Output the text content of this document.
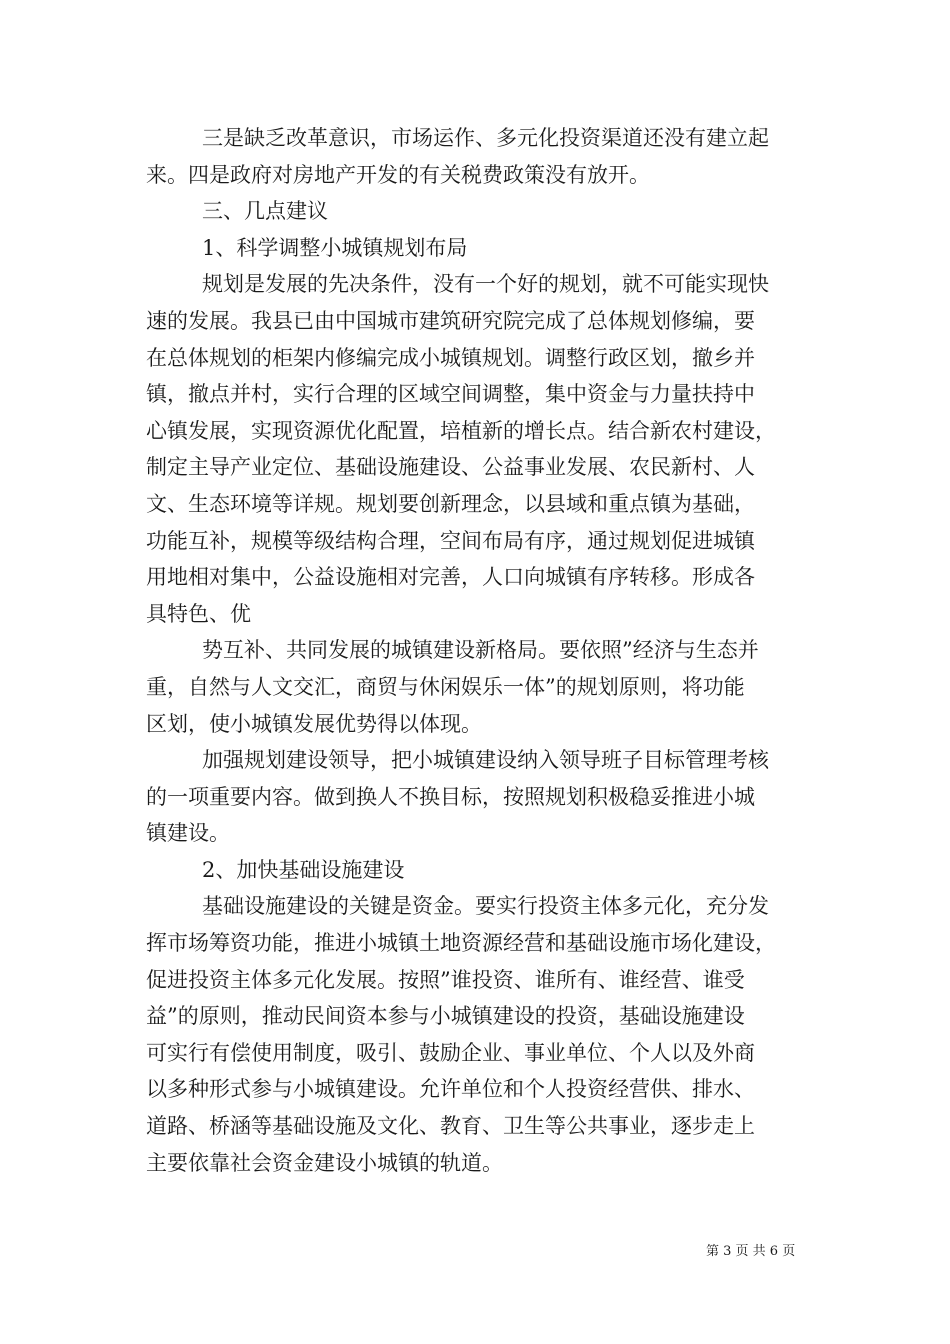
三是缺乏改革意识，市场运作、多元化投资渠道还没有建立起
来。四是政府对房地产开发的有关税费政策没有放开。
三、几点建议
1、科学调整小城镇规划布局
规划是发展的先决条件，没有一个好的规划，就不可能实现快
速的发展。我县已由中国城市建筑研究院完成了总体规划修编，要
在总体规划的柜架内修编完成小城镇规划。调整行政区划，撤乡并
镇，撤点并村，实行合理的区域空间调整，集中资金与力量扶持中
心镇发展，实现资源优化配置，培植新的增长点。结合新农村建设，
制定主导产业定位、基础设施建设、公益事业发展、农民新村、人
文、生态环境等详规。规划要创新理念，以县域和重点镇为基础，
功能互补，规模等级结构合理，空间布局有序，通过规划促进城镇
用地相对集中，公益设施相对完善，人口向城镇有序转移。形成各
具特色、优
势互补、共同发展的城镇建设新格局。要依照”经济与生态并
重，自然与人文交汇，商贸与休闲娱乐一体”的规划原则，将功能
区划，使小城镇发展优势得以体现。
加强规划建设领导，把小城镇建设纳入领导班子目标管理考核
的一项重要内容。做到换人不换目标，按照规划积极稳妥推进小城
镇建设。
2、加快基础设施建设
基础设施建设的关键是资金。要实行投资主体多元化，充分发
挥市场筹资功能，推进小城镇土地资源经营和基础设施市场化建设，
促进投资主体多元化发展。按照”谁投资、谁所有、谁经营、谁受
益”的原则，推动民间资本参与小城镇建设的投资，基础设施建设
可实行有偿使用制度，吸引、鼓励企业、事业单位、个人以及外商
以多种形式参与小城镇建设。允许单位和个人投资经营供、排水、
道路、桥涵等基础设施及文化、教育、卫生等公共事业，逐步走上
主要依靠社会资金建设小城镇的轨道。
第 3 页 共 6 页
